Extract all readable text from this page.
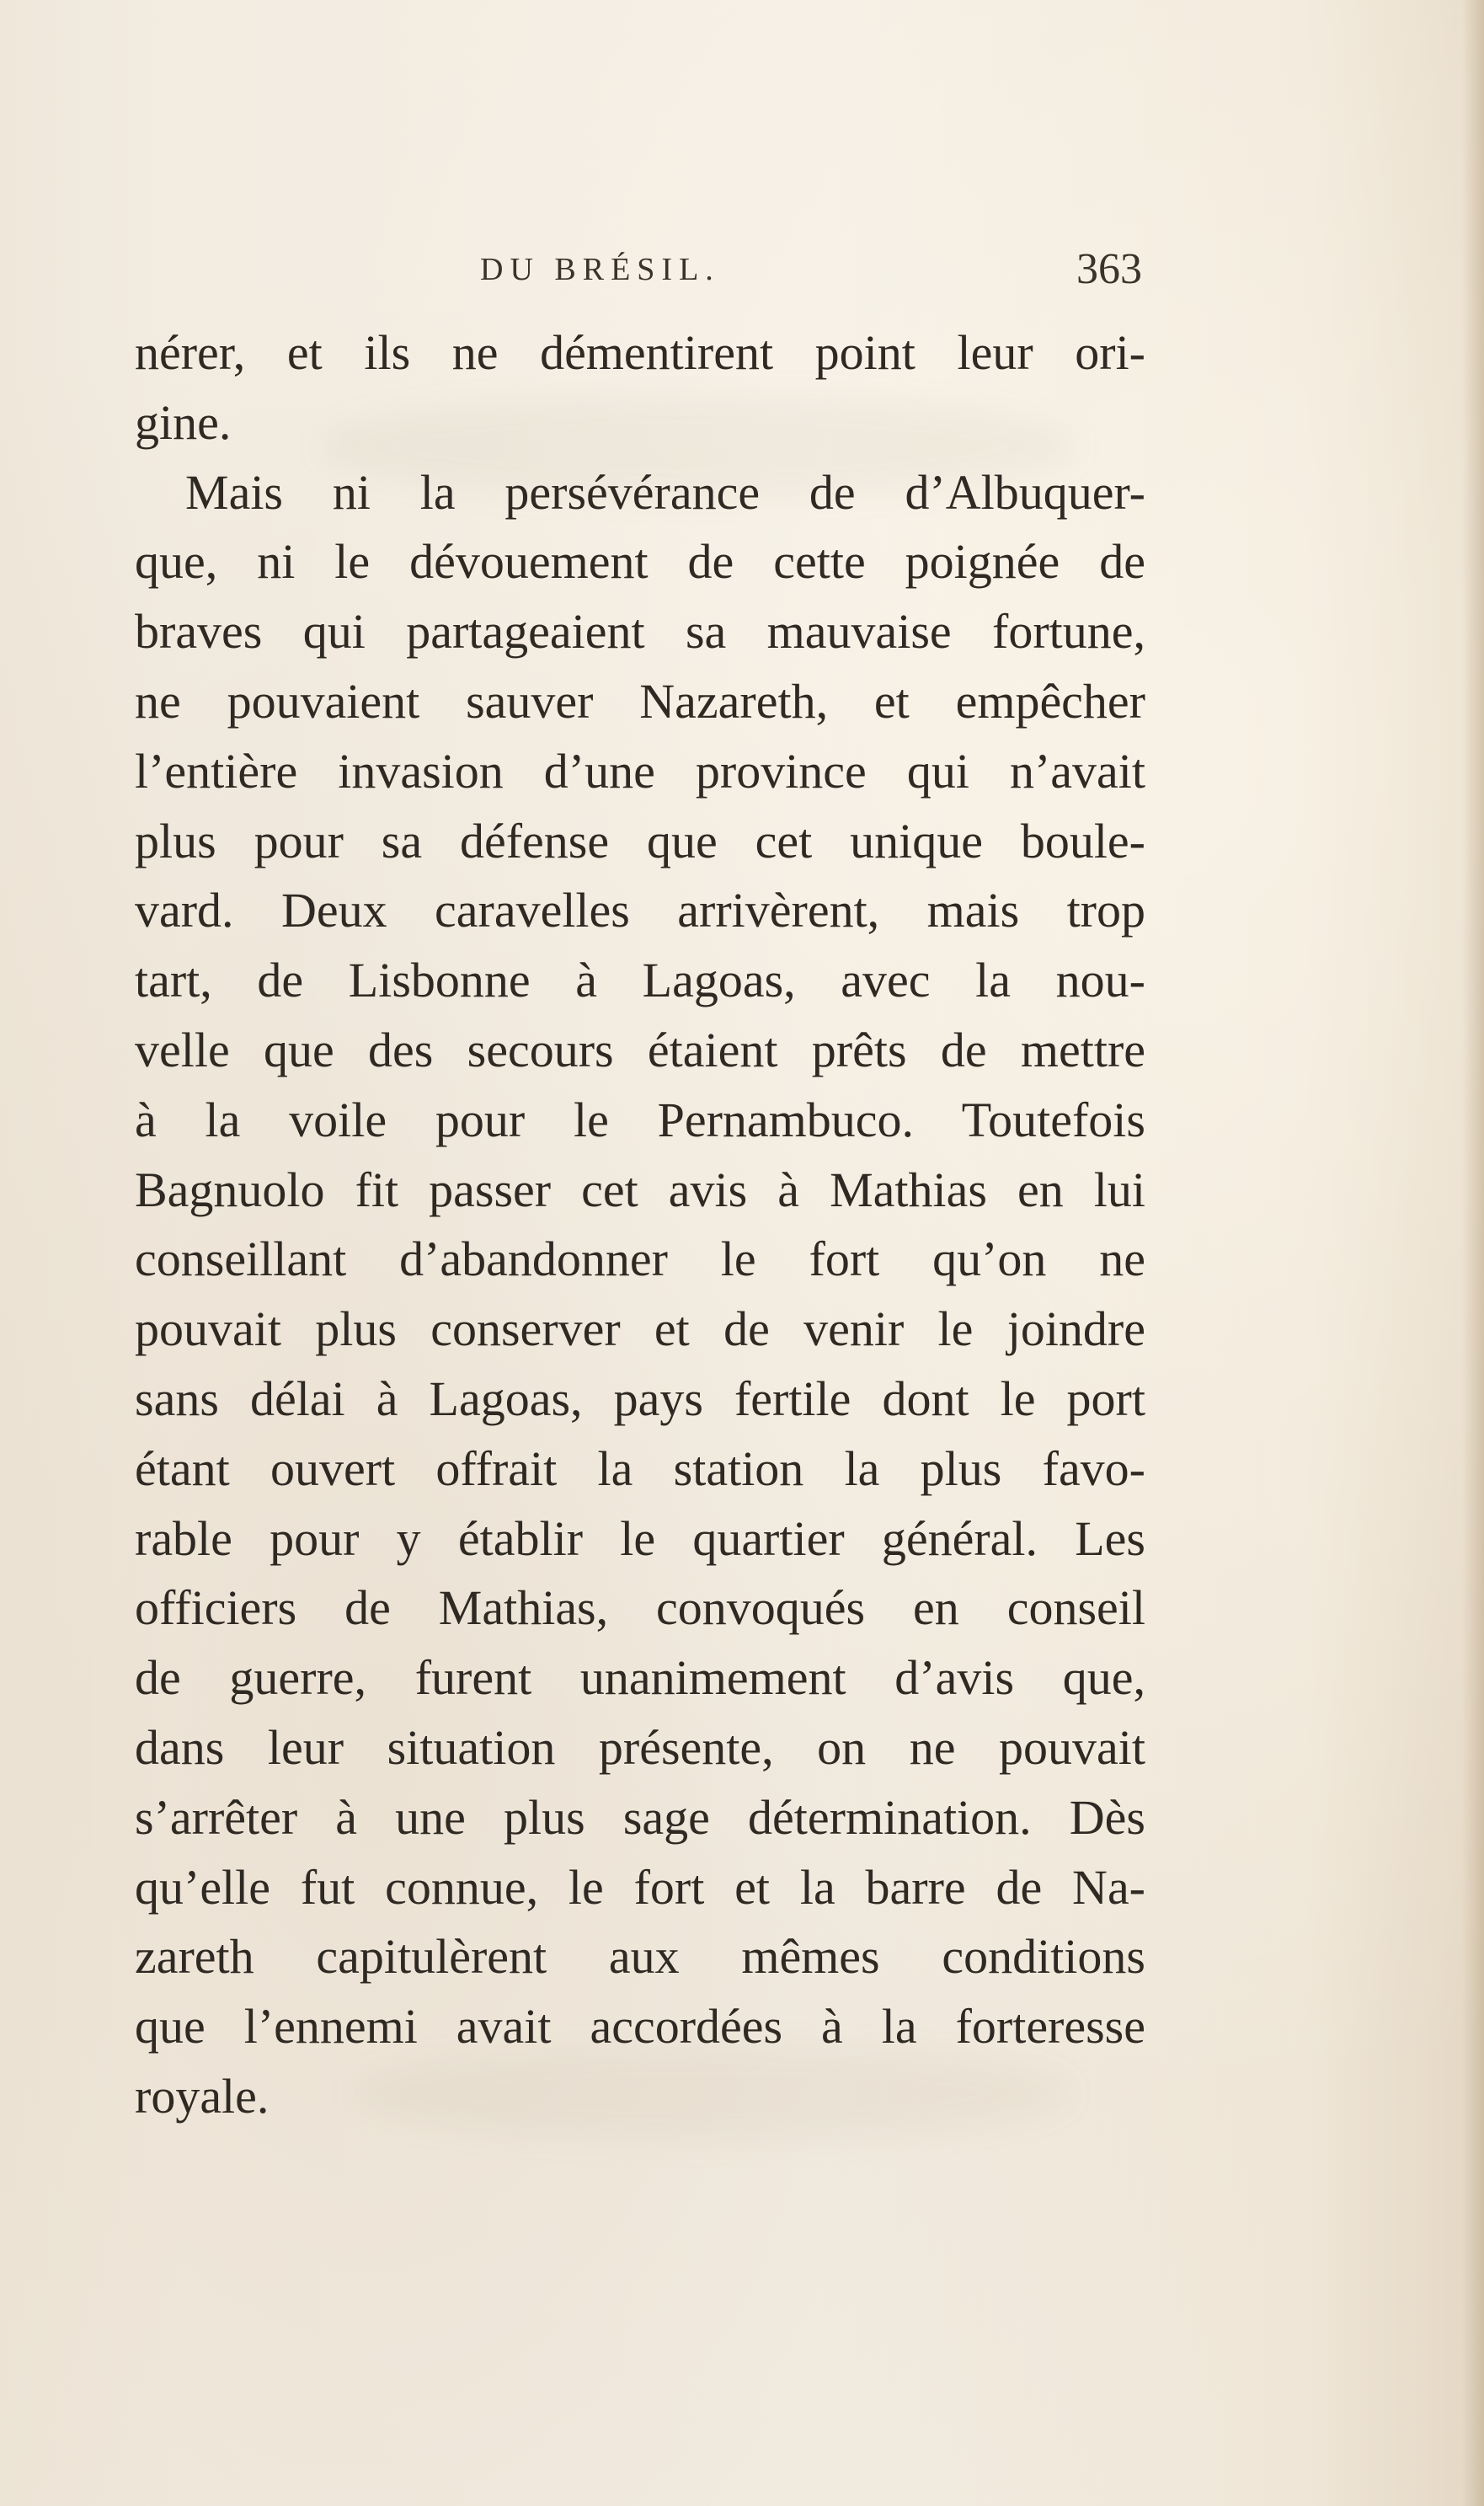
DU BRÉSIL.	363
nérer, et ils ne démentirent point leur ori-
gine.
Mais ni la persévérance de d’Albuquer-
que, ni le dévouement de cette poignée de
braves qui partageaient sa mauvaise fortune,
ne pouvaient sauver Nazareth, et empêcher
l’entière invasion d’une province qui n’avait
plus pour sa défense que cet unique boule-
vard. Deux caravelles arrivèrent, mais trop
tart, de Lisbonne à Lagoas, avec la nou-
velle que des secours étaient prêts de mettre
à la voile pour le Pernambuco. Toutefois
Bagnuolo fit passer cet avis à Mathias en lui
conseillant d’abandonner le fort qu’on ne
pouvait plus conserver et de venir le joindre
sans délai à Lagoas, pays fertile dont le port
étant ouvert offrait la station la plus favo-
rable pour y établir le quartier général. Les
officiers de Mathias, convoqués en conseil
de guerre, furent unanimement d’avis que,
dans leur situation présente, on ne pouvait
s’arrêter à une plus sage détermination. Dès
qu’elle fut connue, le fort et la barre de Na-
zareth capitulèrent aux mêmes conditions
que l’ennemi avait accordées à la forteresse
royale.
